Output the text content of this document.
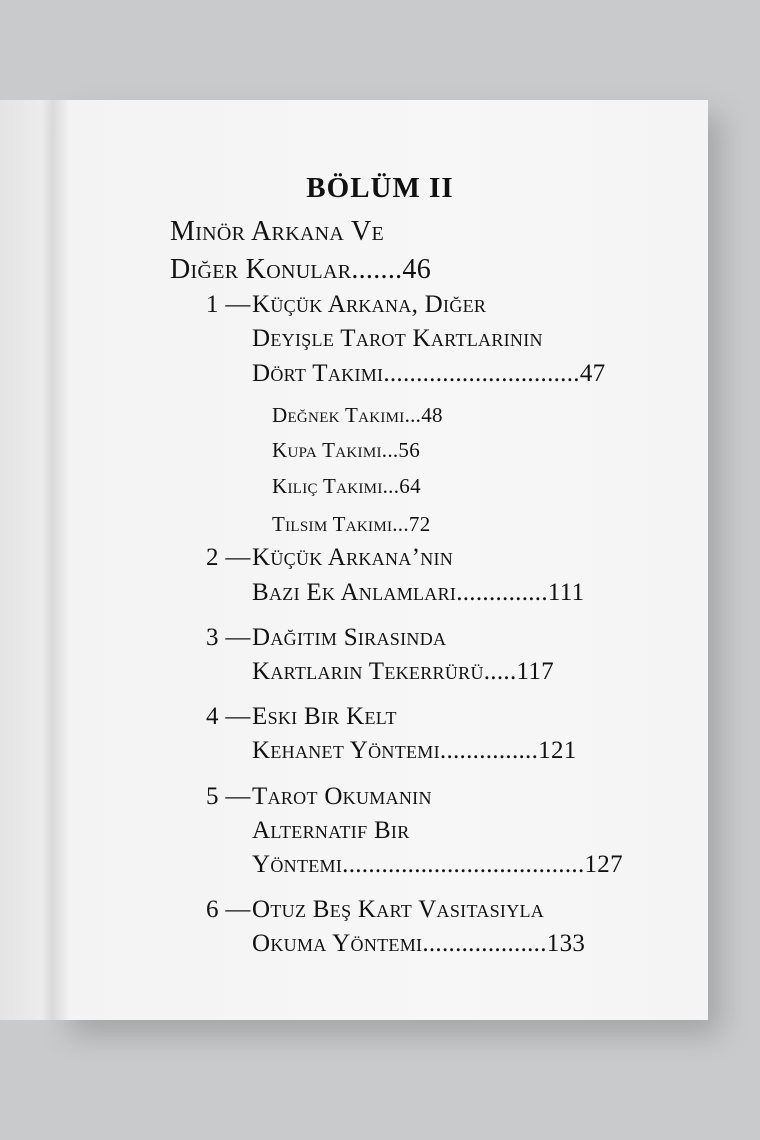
BÖLÜM II
Minör Arkana Ve
Diğer Konular.......46
1 — Küçük Arkana, Diğer
Deyişle Tarot Kartlarının
Dört Takımı..............................47
Değnek Takımı...48
Kupa Takımı...56
Kılıç Takımı...64
Tılsım Takımı...72
2 — Küçük Arkana’nın
Bazı Ek Anlamları..............111
3 — Dağıtım Sırasında
Kartların Tekerrürü.....117
4 — Eski Bir Kelt
Kehanet Yöntemi...............121
5 — Tarot Okumanın
Alternatif Bir
Yöntemi.....................................127
6 — Otuz Beş Kart Vasıtasıyla
Okuma Yöntemi...................133
